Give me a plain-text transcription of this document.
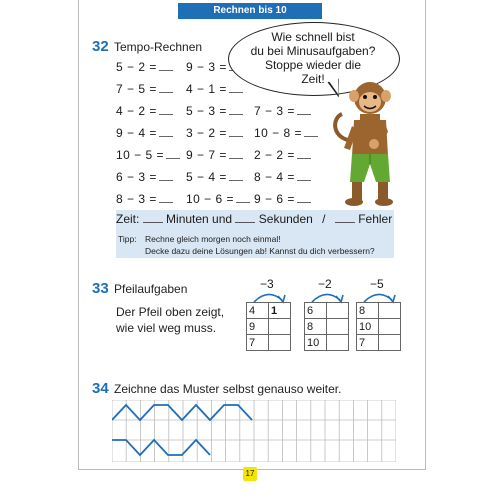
Rechnen bis 10
32 Tempo-Rechnen
5 − 2 =	9 − 3 =
7 − 5 =	4 − 1 =
4 − 2 =	5 − 3 =	7 − 3 =
9 − 4 =	3 − 2 =	10 − 8 =
10 − 5 =	9 − 7 =	2 − 2 =
6 − 3 =	5 − 4 =	8 − 4 =
8 − 3 =	10 − 6 =	9 − 6 =
Wie schnell bist
du bei Minusaufgaben?
Stoppe wieder die
Zeit!
Zeit: Minuten und Sekunden /	Fehler
Tipp: Rechne gleich morgen noch einmal!
Decke dazu deine Lösungen ab! Kannst du dich verbessern?
33 Pfeilaufgaben
Der Pfeil oben zeigt,
wie viel weg muss.
−3
4	1
9	
7	
−2
6	
8	
10	
−5
8	
10	
7	
34 Zeichne das Muster selbst genauso weiter.
17
